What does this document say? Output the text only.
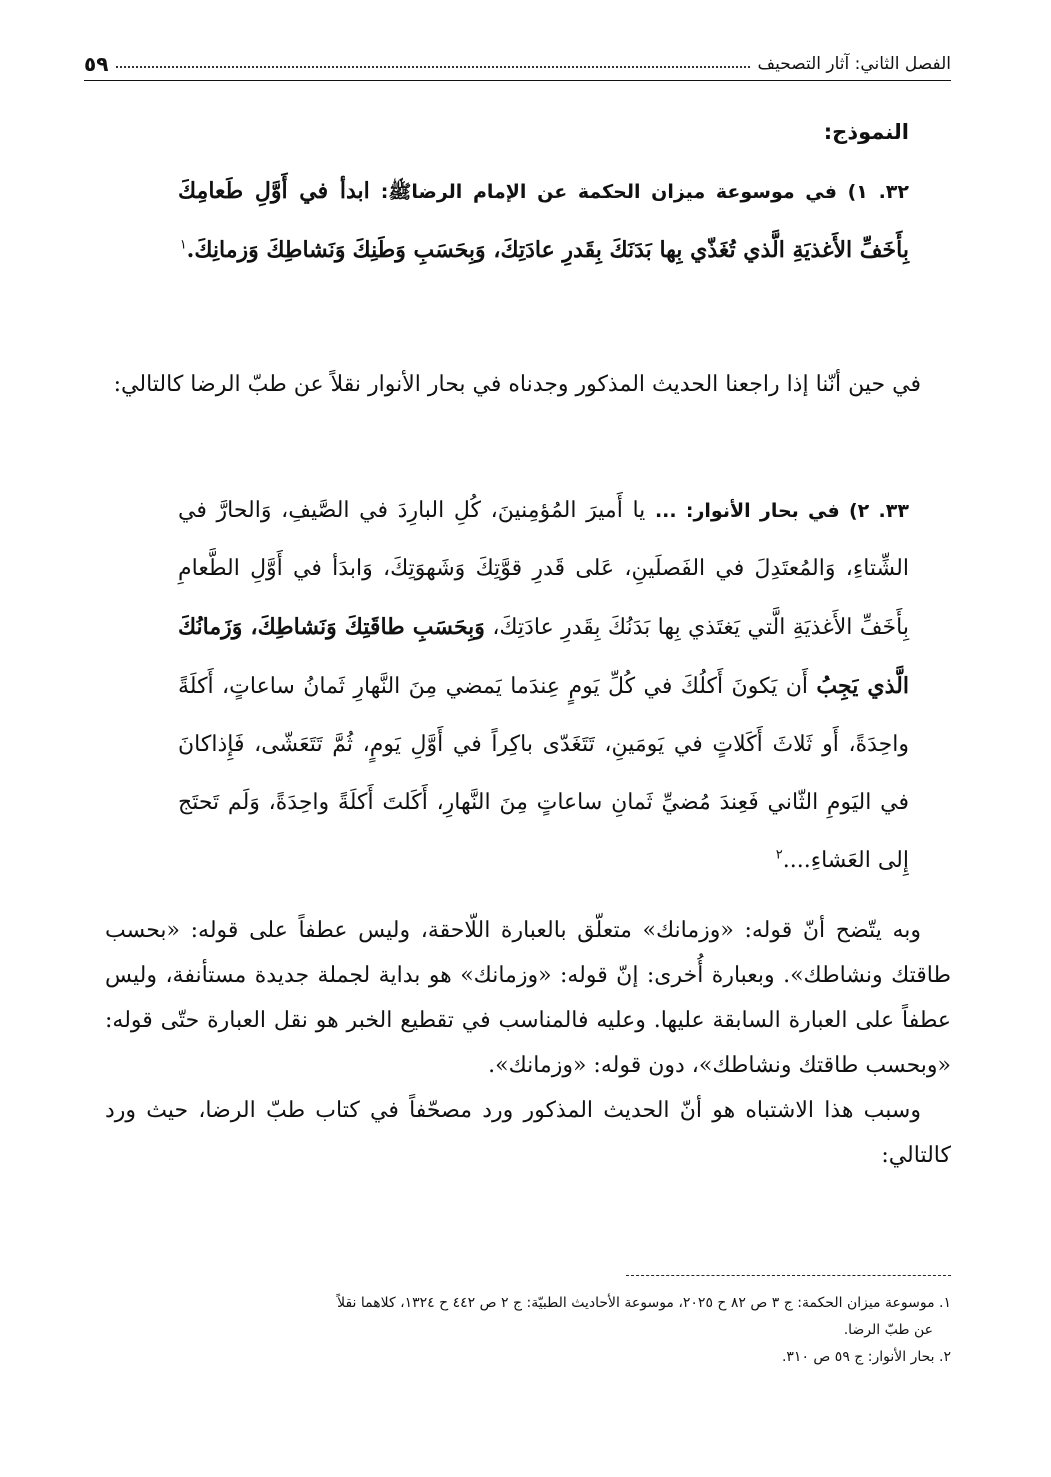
الفصل الثاني: آثار التصحيف
٥٩
النموذج:
٣٢. ١) في موسوعة ميزان الحكمة عن الإمام الرضاﷺ: ابدأ في أَوَّلِ طَعامِكَ بِأَخَفِّ الأَغذيَةِ الَّذي تُغَذّي بِها بَدَنَكَ بِقَدرِ عادَتِكَ، وَبِحَسَبِ وَطَنِكَ وَنَشاطِكَ وَزمانِكَ.$^١$

في حين أنّنا إذا راجعنا الحديث المذكور وجدناه في بحار الأنوار نقلاً عن طبّ الرضا كالتالي:

٣٣. ٢) في بحار الأنوار: ... يا أَميرَ المُؤمِنينَ، كُلِ البارِدَ في الصَّيفِ، وَالحارَّ في الشِّتاءِ، وَالمُعتَدِلَ في الفَصلَينِ، عَلى قَدرِ قوَّتِكَ وَشَهوَتِكَ، وَابدَأ في أَوَّلِ الطَّعامِ بِأَخَفِّ الأَغذيَةِ الَّتي يَغتَذي بِها بَدَنُكَ بِقَدرِ عادَتِكَ، وَبِحَسَبِ طاقَتِكَ وَنَشاطِكَ، وَزَمانُكَ الَّذي يَجِبُ أَن يَكونَ أَكلُكَ في كُلِّ يَومٍ عِندَما يَمضي مِنَ النَّهارِ ثَمانُ ساعاتٍ، أَكلَةً واحِدَةً، أَو ثَلاثَ أَكَلاتٍ في يَومَينِ، تَتَغَدّى باكِراً في أَوَّلِ يَومٍ، ثُمَّ تَتَعَشّى، فَإِذاكانَ في اليَومِ الثّاني فَعِندَ مُضيِّ ثَمانِ ساعاتٍ مِنَ النَّهارِ، أَكَلتَ أَكلَةً واحِدَةً، وَلَم تَحتَج إِلى العَشاءِ....$^٢$

وبه يتّضح أنّ قوله: «وزمانك» متعلّق بالعبارة اللّاحقة، وليس عطفاً على قوله: «بحسب طاقتك ونشاطك». وبعبارة أُخرى: إنّ قوله: «وزمانك» هو بداية لجملة جديدة مستأنفة، وليس عطفاً على العبارة السابقة عليها. وعليه فالمناسب في تقطيع الخبر هو نقل العبارة حتّى قوله: «وبحسب طاقتك ونشاطك»، دون قوله: «وزمانك».

وسبب هذا الاشتباه هو أنّ الحديث المذكور ورد مصحّفاً في كتاب طبّ الرضا، حيث ورد كالتالي:

١. موسوعة ميزان الحكمة: ج ٣ ص ٨٢ ح ٢٠٢٥، موسوعة الأحاديث الطبيّة: ج ٢ ص ٤٤٢ ح ١٣٢٤، كلاهما نقلاً

عن طبّ الرضا.

٢. بحار الأنوار: ج ٥٩ ص ٣١٠.
